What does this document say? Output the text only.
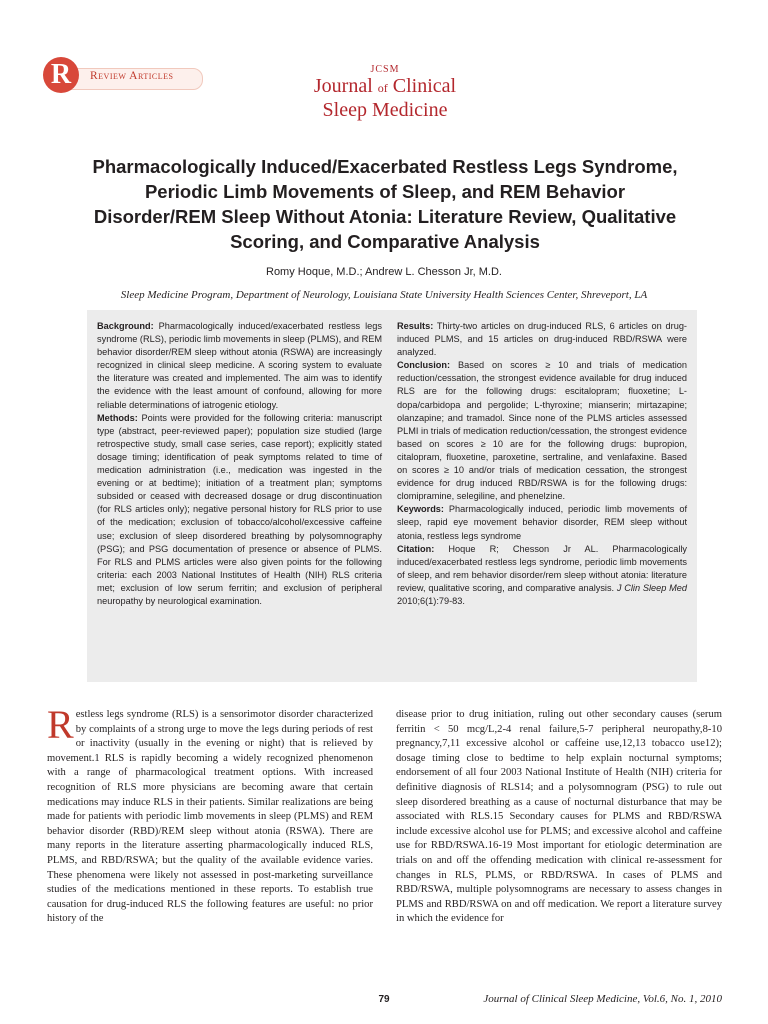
R	Review Articles
JCSM
Journal of Clinical
Sleep Medicine
Pharmacologically Induced/Exacerbated Restless Legs Syndrome, Periodic Limb Movements of Sleep, and REM Behavior Disorder/REM Sleep Without Atonia: Literature Review, Qualitative Scoring, and Comparative Analysis
Romy Hoque, M.D.; Andrew L. Chesson Jr, M.D.
Sleep Medicine Program, Department of Neurology, Louisiana State University Health Sciences Center, Shreveport, LA

Background: Pharmacologically induced/exacerbated restless legs syndrome (RLS), periodic limb movements in sleep (PLMS), and REM behavior disorder/REM sleep without atonia (RSWA) are increasingly recognized in clinical sleep medicine. A scoring system to evaluate the literature was created and implemented. The aim was to identify the evidence with the least amount of confound, allowing for more reliable determinations of iatrogenic etiology.

Methods: Points were provided for the following criteria: manuscript type (abstract, peer-reviewed paper); population size studied (large retrospective study, small case series, case report); explicitly stated dosage timing; identification of peak symptoms related to time of medication administration (i.e., medication was ingested in the evening or at bedtime); initiation of a treatment plan; symptoms subsided or ceased with decreased dosage or drug discontinuation (for RLS articles only); negative personal history for RLS prior to use of the medication; exclusion of tobacco/alcohol/excessive caffeine use; exclusion of sleep disordered breathing by polysomnography (PSG); and PSG documentation of presence or absence of PLMS. For RLS and PLMS articles were also given points for the following criteria: each 2003 National Institutes of Health (NIH) RLS criteria met; exclusion of low serum ferritin; and exclusion of peripheral neuropathy by neurological examination.

Results: Thirty-two articles on drug-induced RLS, 6 articles on drug-induced PLMS, and 15 articles on drug-induced RBD/RSWA were analyzed.

Conclusion: Based on scores ≥ 10 and trials of medication reduction/cessation, the strongest evidence available for drug induced RLS are for the following drugs: escitalopram; fluoxetine; L-dopa/carbidopa and pergolide; L-thyroxine; mianserin; mirtazapine; olanzapine; and tramadol. Since none of the PLMS articles assessed PLMI in trials of medication reduction/cessation, the strongest evidence based on scores ≥ 10 are for the following drugs: bupropion, citalopram, fluoxetine, paroxetine, sertraline, and venlafaxine. Based on scores ≥ 10 and/or trials of medication cessation, the strongest evidence for drug induced RBD/RSWA is for the following drugs: clomipramine, selegiline, and phenelzine.

Keywords: Pharmacologically induced, periodic limb movements of sleep, rapid eye movement behavior disorder, REM sleep without atonia, restless legs syndrome

Citation: Hoque R; Chesson Jr AL. Pharmacologically induced/exacerbated restless legs syndrome, periodic limb movements of sleep, and rem behavior disorder/rem sleep without atonia: literature review, qualitative scoring, and comparative analysis. J Clin Sleep Med 2010;6(1):79-83.

Restless legs syndrome (RLS) is a sensorimotor disorder characterized by complaints of a strong urge to move the legs during periods of rest or inactivity (usually in the evening or night) that is relieved by movement.1 RLS is rapidly becoming a widely recognized phenomenon with a range of pharmacological treatment options. With increased recognition of RLS more physicians are becoming aware that certain medications may induce RLS in their patients. Similar realizations are being made for patients with periodic limb movements in sleep (PLMS) and REM behavior disorder (RBD)/REM sleep without atonia (RSWA). There are many reports in the literature asserting pharmacologically induced RLS, PLMS, and RBD/RSWA; but the quality of the available evidence varies. These phenomena were likely not assessed in post-marketing surveillance studies of the medications mentioned in these reports. To establish true causation for drug-induced RLS the following features are useful: no prior history of the
disease prior to drug initiation, ruling out other secondary causes (serum ferritin < 50 mcg/L,2-4 renal failure,5-7 peripheral neuropathy,8-10 pregnancy,7,11 excessive alcohol or caffeine use,12,13 tobacco use12); dosage timing close to bedtime to help explain nocturnal symptoms; endorsement of all four 2003 National Institute of Health (NIH) criteria for definitive diagnosis of RLS14; and a polysomnogram (PSG) to rule out sleep disordered breathing as a cause of nocturnal disturbance that may be associated with RLS.15 Secondary causes for PLMS and RBD/RSWA include excessive alcohol use for PLMS; and excessive alcohol and caffeine use for RBD/RSWA.16-19 Most important for etiologic determination are trials on and off the offending medication with clinical re-assessment for changes in RLS, PLMS, or RBD/RSWA. In cases of PLMS and RBD/RSWA, multiple polysomnograms are necessary to assess changes in PLMS and RBD/RSWA on and off medication. We report a literature survey in which the evidence for
79	Journal of Clinical Sleep Medicine, Vol.6, No. 1, 2010
